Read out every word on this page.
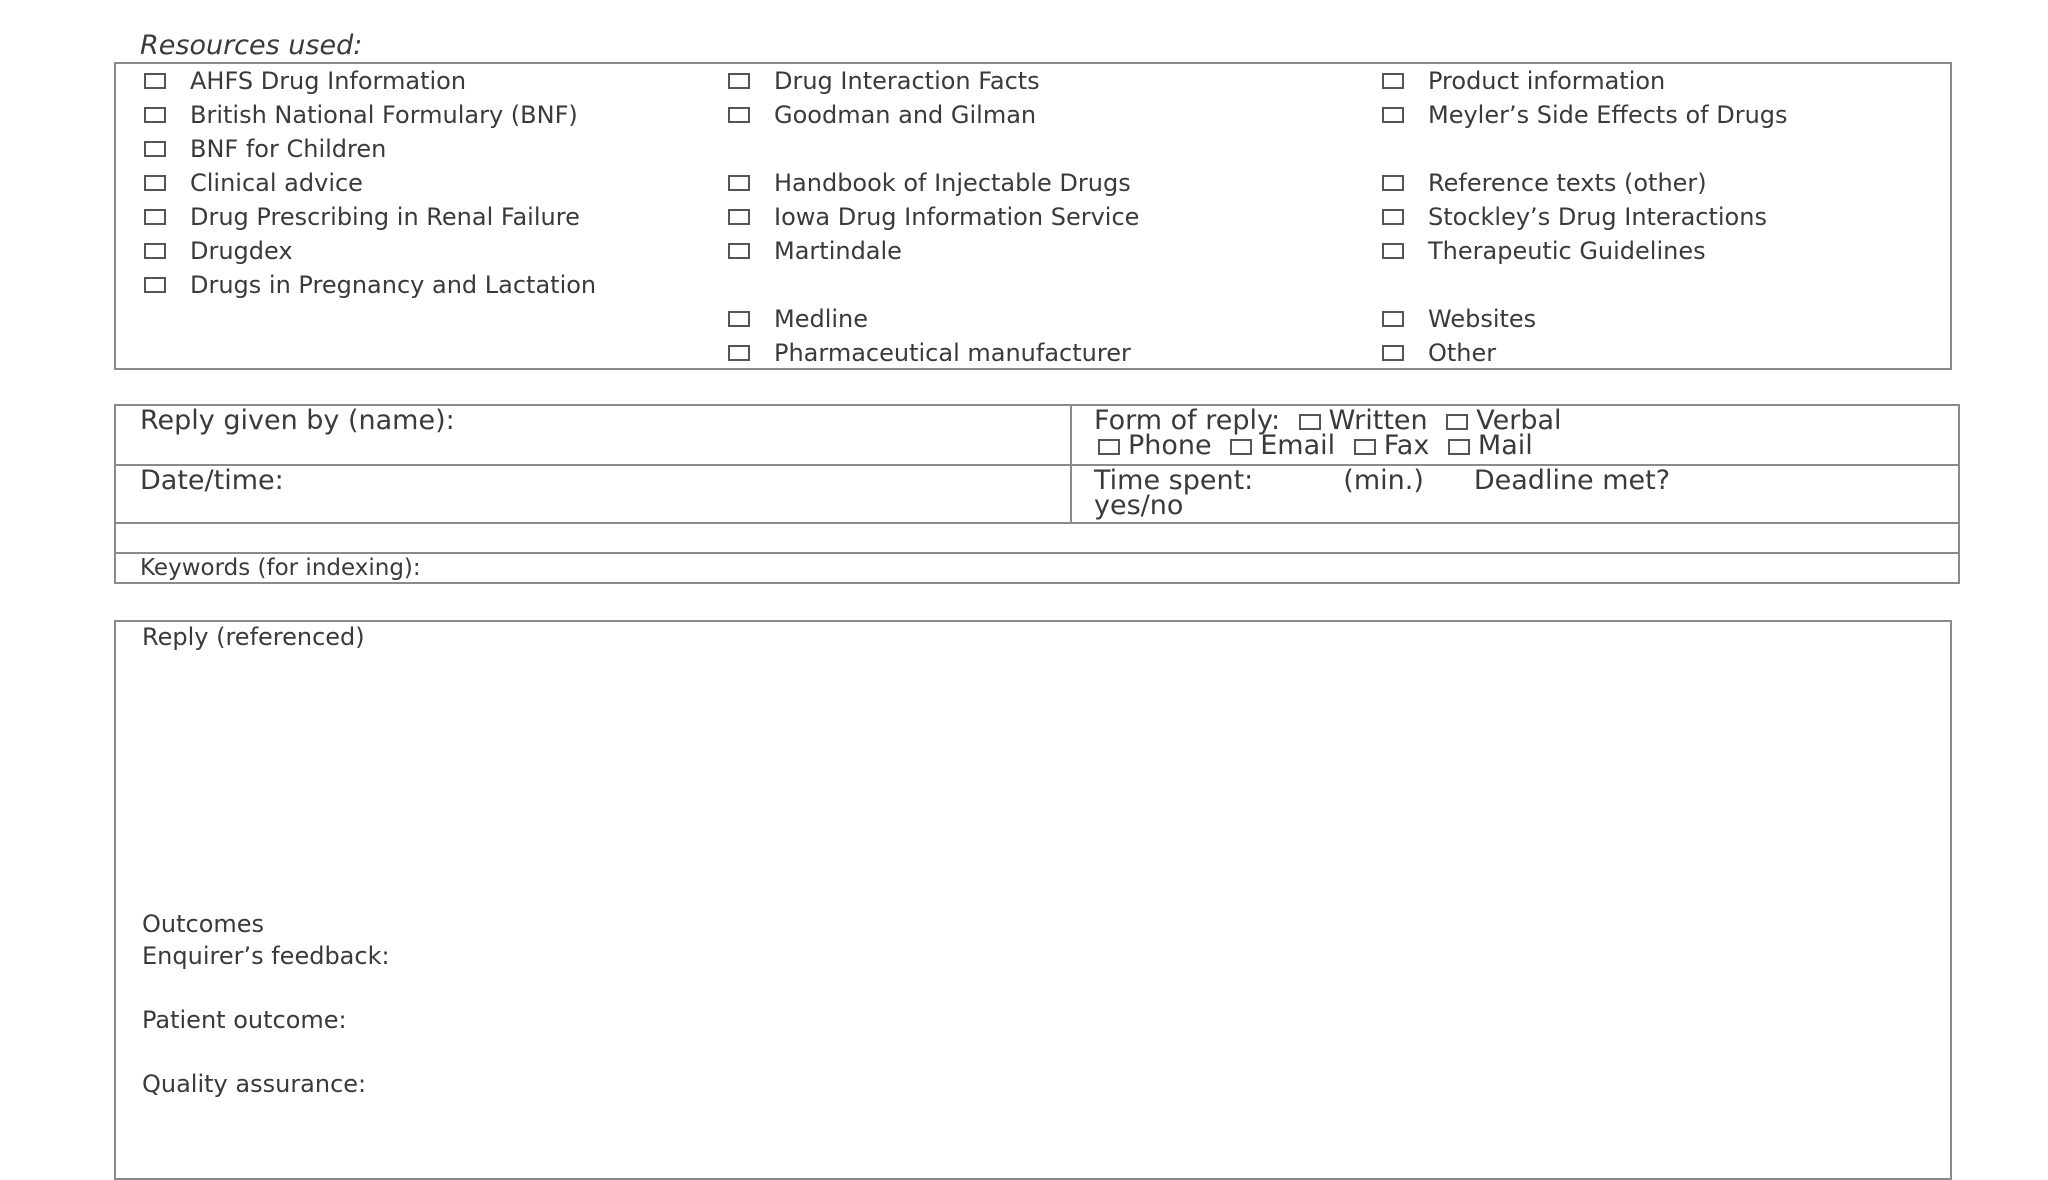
Resources used:
AHFS Drug Information
British National Formulary (BNF)
BNF for Children
Clinical advice
Drug Prescribing in Renal Failure
Drugdex
Drugs in Pregnancy and Lactation
Drug Interaction Facts
Goodman and Gilman
Handbook of Injectable Drugs
Iowa Drug Information Service
Martindale
Medline
Pharmaceutical manufacturer
Product information
Meyler’s Side Effects of Drugs
Reference texts (other)
Stockley’s Drug Interactions
Therapeutic Guidelines
Websites
Other
Reply given by (name):	Form of reply: Written Verbal
Phone Email Fax Mail
Date/time:	Time spent:	(min.) Deadline met?
yes/no
Keywords (for indexing):
Reply (referenced)
Outcomes
Enquirer’s feedback:
Patient outcome:
Quality assurance:
